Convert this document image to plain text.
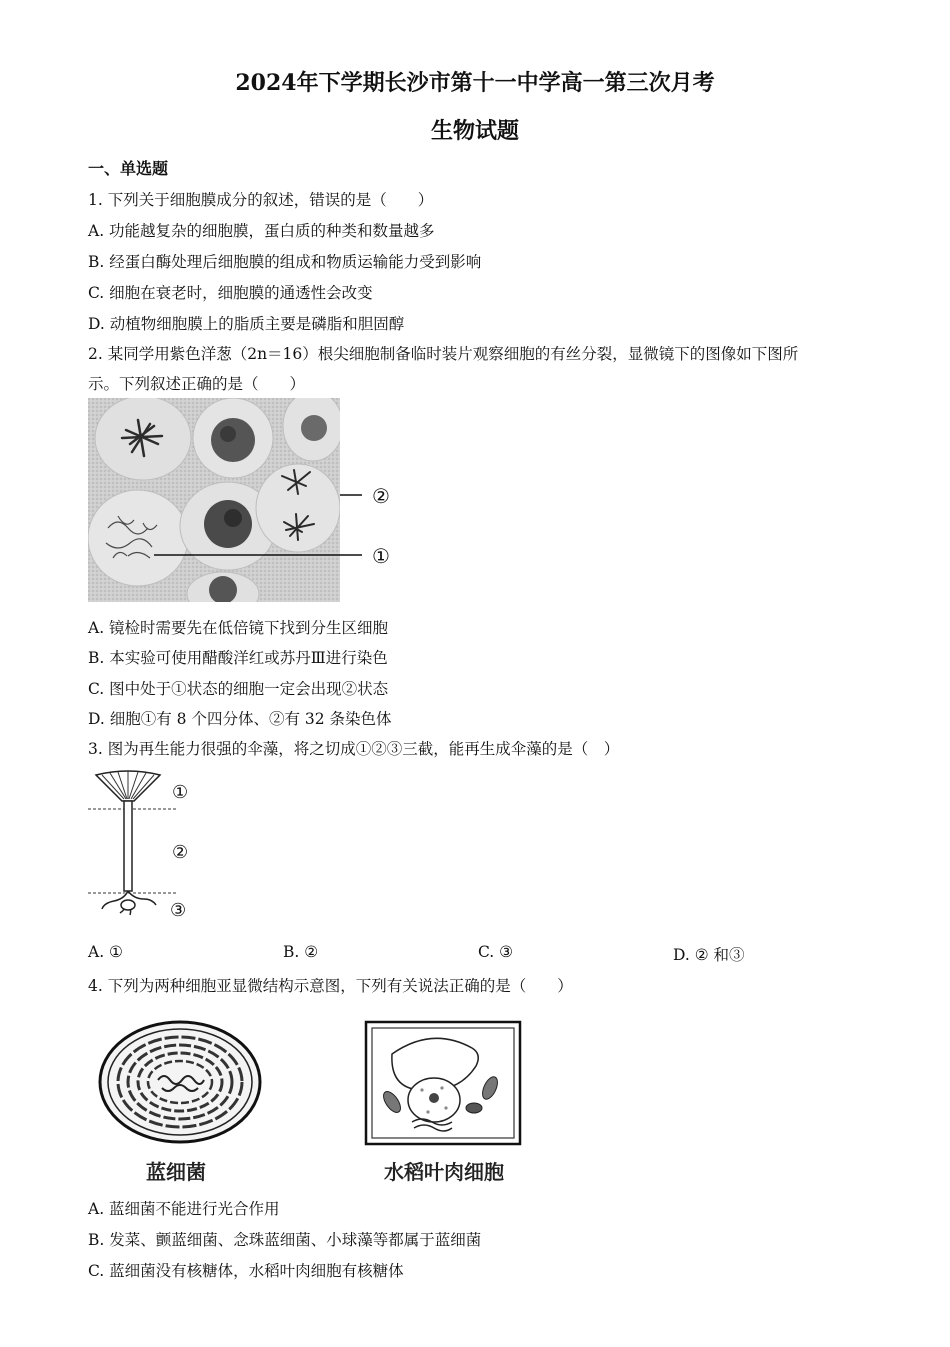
2024年下学期长沙市第十一中学高一第三次月考
生物试题
一、单选题
1. 下列关于细胞膜成分的叙述，错误的是（　　）
A. 功能越复杂的细胞膜，蛋白质的种类和数量越多
B. 经蛋白酶处理后细胞膜的组成和物质运输能力受到影响
C. 细胞在衰老时，细胞膜的通透性会改变
D. 动植物细胞膜上的脂质主要是磷脂和胆固醇
2. 某同学用紫色洋葱（2n＝16）根尖细胞制备临时装片观察细胞的有丝分裂，显微镜下的图像如下图所
示。下列叙述正确的是（　　）
②
①
A. 镜检时需要先在低倍镜下找到分生区细胞
B. 本实验可使用醋酸洋红或苏丹Ⅲ进行染色
C. 图中处于①状态的细胞一定会出现②状态
D. 细胞①有 8 个四分体、②有 32 条染色体
3. 图为再生能力很强的伞藻，将之切成①②③三截，能再生成伞藻的是（　）
①
②
③
A. ①	B. ②	C. ③	D. ② 和③
4. 下列为两种细胞亚显微结构示意图，下列有关说法正确的是（　　）
蓝细菌	水稻叶肉细胞
A. 蓝细菌不能进行光合作用
B. 发菜、颤蓝细菌、念珠蓝细菌、小球藻等都属于蓝细菌
C. 蓝细菌没有核糖体，水稻叶肉细胞有核糖体
